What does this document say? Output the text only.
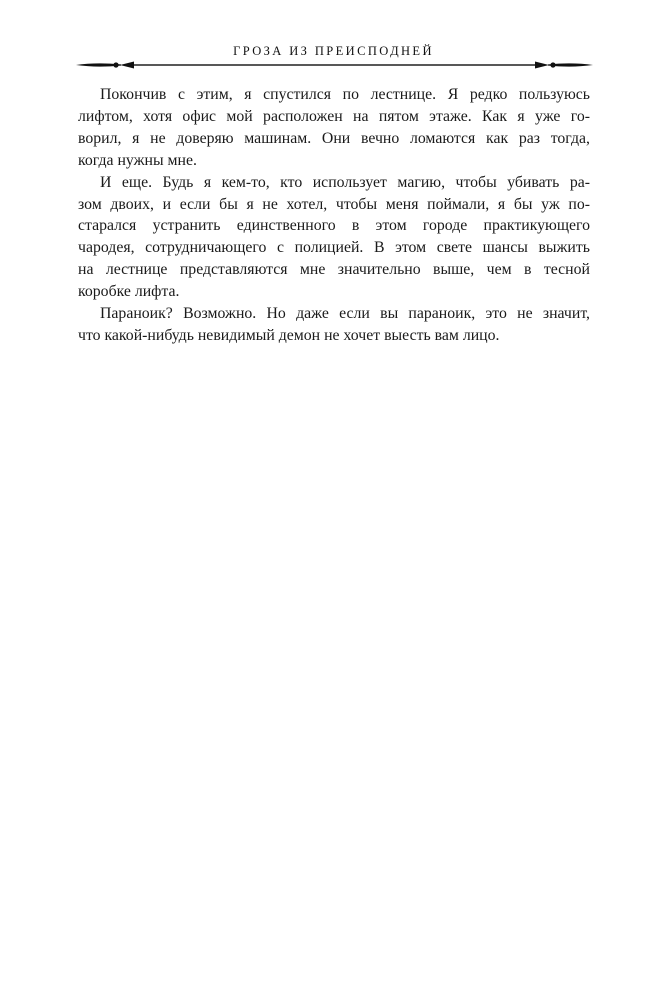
ГРОЗА ИЗ ПРЕИСПОДНЕЙ

Покончив с этим, я спустился по лестнице. Я редко пользуюсь
лифтом, хотя офис мой расположен на пятом этаже. Как я уже го-
ворил, я не доверяю машинам. Они вечно ломаются как раз тогда,
когда нужны мне.

И еще. Будь я кем-то, кто использует магию, чтобы убивать ра-
зом двоих, и если бы я не хотел, чтобы меня поймали, я бы уж по-
старался устранить единственного в этом городе практикующего
чародея, сотрудничающего с полицией. В этом свете шансы выжить
на лестнице представляются мне значительно выше, чем в тесной
коробке лифта.

Параноик? Возможно. Но даже если вы параноик, это не значит,
что какой-нибудь невидимый демон не хочет выесть вам лицо.
